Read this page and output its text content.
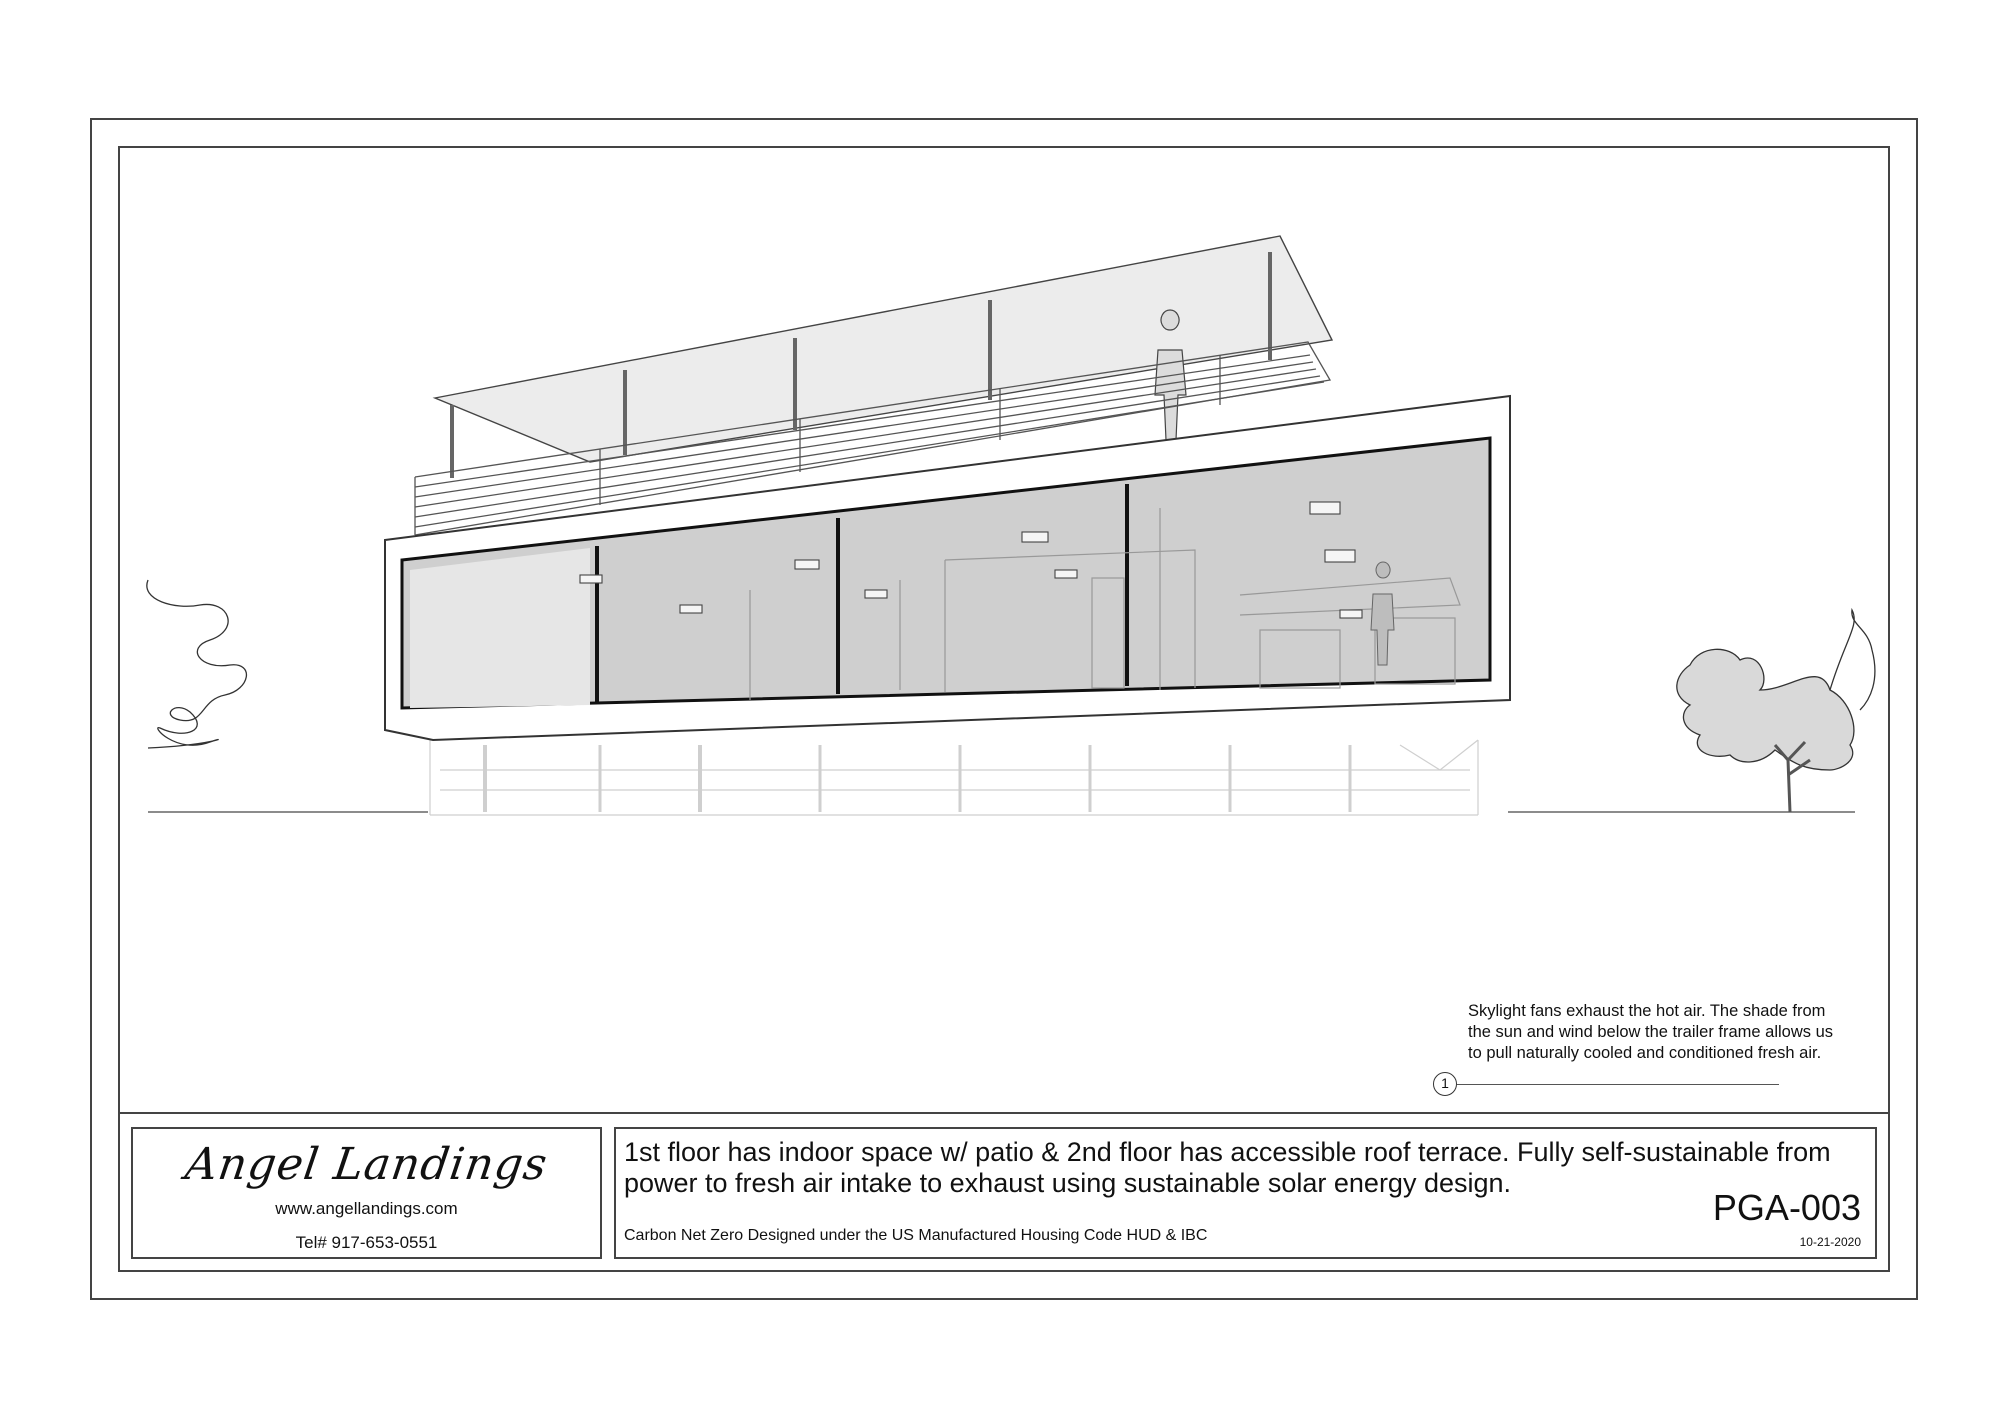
Skylight fans exhaust the hot air. The shade from the sun and wind below the trailer frame allows us to pull naturally cooled and conditioned fresh air.
1
Angel Landings
www.angellandings.com
Tel# 917-653-0551
1st floor has indoor space w/ patio & 2nd floor has accessible roof terrace. Fully self-sustainable from power to fresh air intake to exhaust using sustainable solar energy design.
Carbon Net Zero Designed under the US Manufactured Housing Code HUD & IBC
PGA-003
10-21-2020
